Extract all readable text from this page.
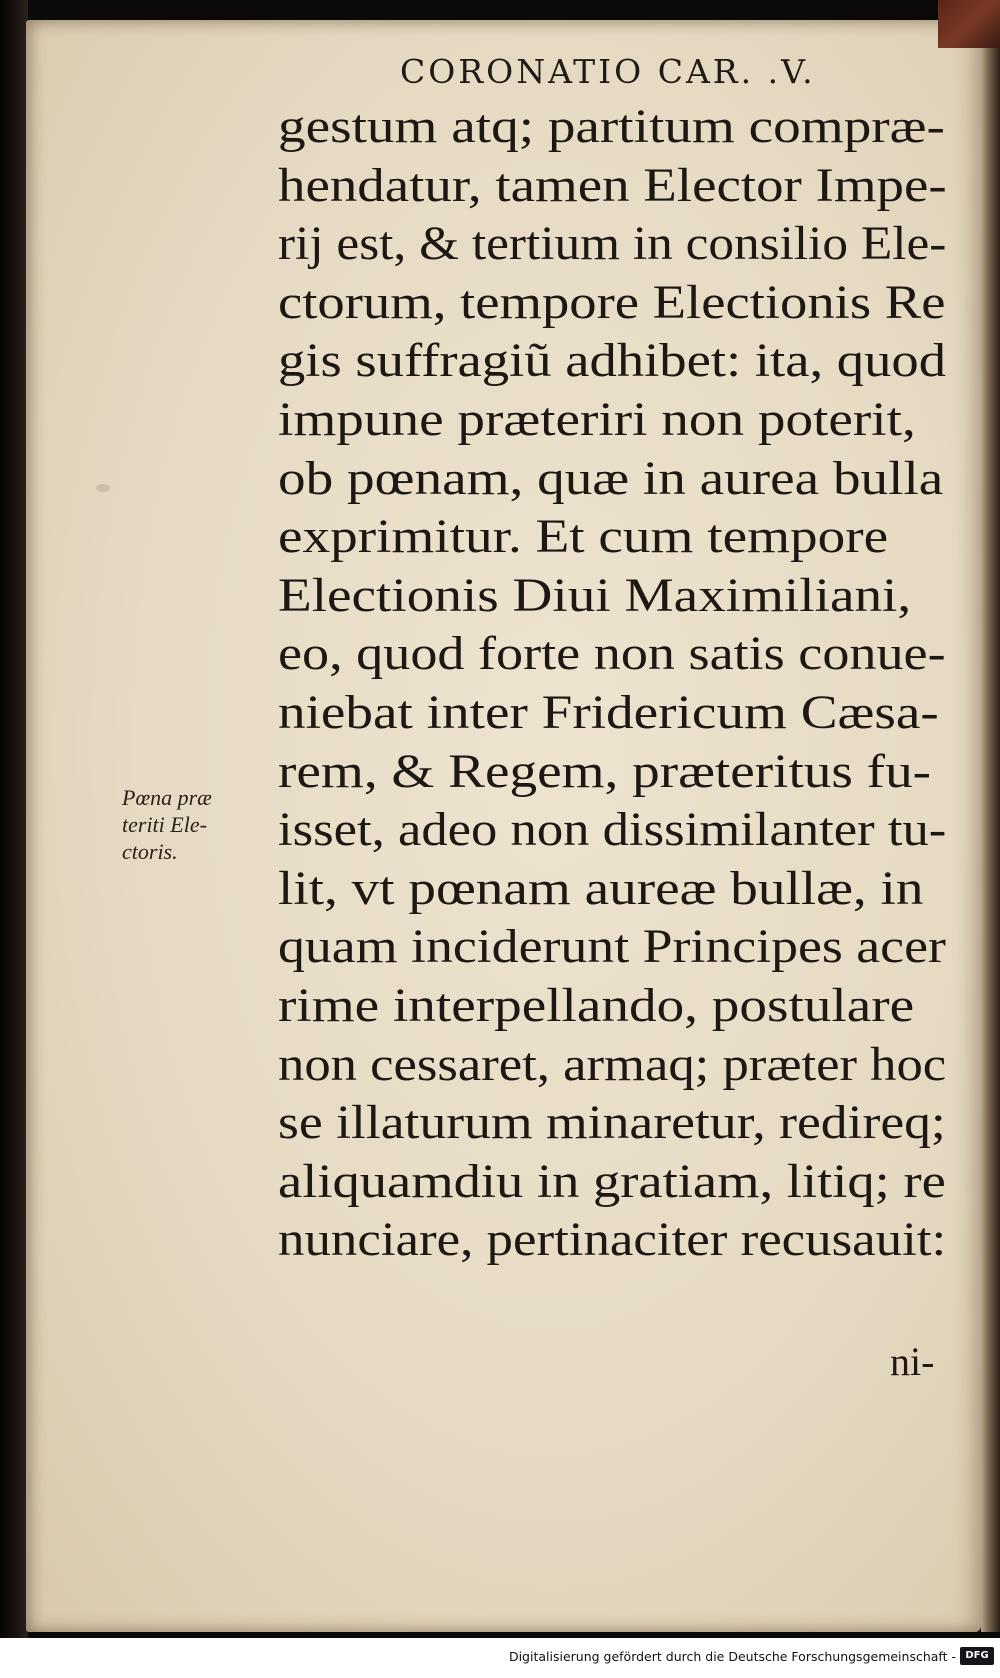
CORONATIO CAR. .V.
Pœna præ
teriti Ele-
ctoris.
gestum atq; partitum compræ-
hendatur, tamen Elector Impe-
rij est, & tertium in consilio Ele-
ctorum, tempore Electionis Re
gis suffragiũ adhibet: ita, quod
impune præteriri non poterit,
ob pœnam, quæ in aurea bulla
exprimitur. Et cum tempore
Electionis Diui Maximiliani,
eo, quod forte non satis conue-
niebat inter Fridericum Cæsa-
rem, & Regem, præteritus fu-
isset, adeo non dissimilanter tu-
lit, vt pœnam aureæ bullæ, in
quam inciderunt Principes acer
rime interpellando, postulare
non cessaret, armaq; præter hoc
se illaturum minaretur, redireq;
aliquamdiu in gratiam, litiq; re
nunciare, pertinaciter recusauit:
ni-
Digitalisierung gefördert durch die Deutsche Forschungsgemeinschaft - DFG
